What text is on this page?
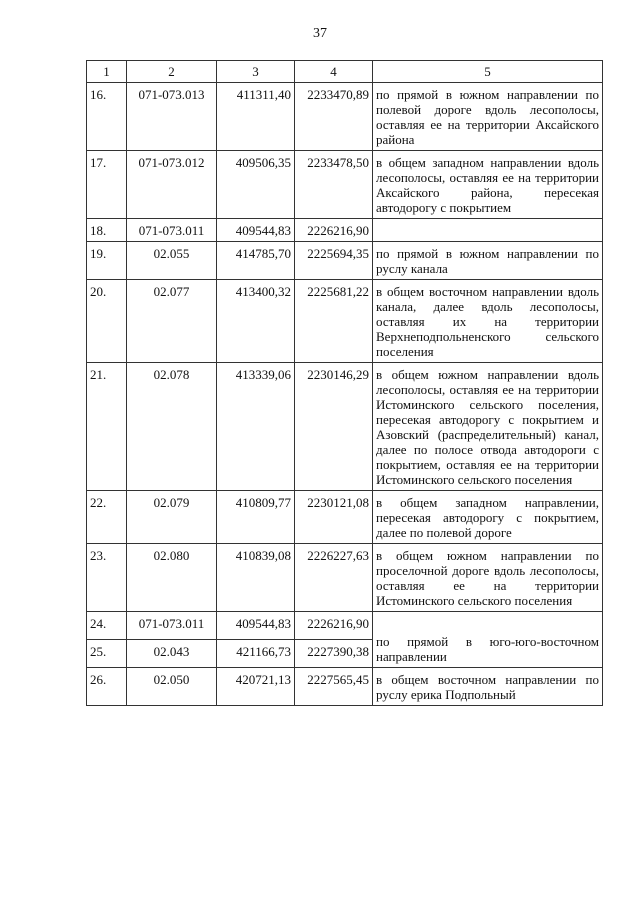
37
1	2	3	4	5
16.	071-073.013	411311,40	2233470,89	по прямой в южном направлении по полевой дороге вдоль лесополосы, оставляя ее на территории Аксайского района
17.	071-073.012	409506,35	2233478,50	в общем западном направлении вдоль лесополосы, оставляя ее на территории Аксайского района, пересекая автодорогу с покрытием
18.	071-073.011	409544,83	2226216,90	
19.	02.055	414785,70	2225694,35	по прямой в южном направлении по руслу канала
20.	02.077	413400,32	2225681,22	в общем восточном направлении вдоль канала, далее вдоль лесополосы, оставляя их на территории Верхнеподпольненского сельского поселения
21.	02.078	413339,06	2230146,29	в общем южном направлении вдоль лесополосы, оставляя ее на территории Истоминского сельского поселения, пересекая автодорогу с покрытием и Азовский (распределительный) канал, далее по полосе отвода автодороги с покрытием, оставляя ее на территории Истоминского сельского поселения
22.	02.079	410809,77	2230121,08	в общем западном направлении, пересекая автодорогу с покрытием, далее по полевой дороге
23.	02.080	410839,08	2226227,63	в общем южном направлении по проселочной дороге вдоль лесополосы, оставляя ее на территории Истоминского сельского поселения
24.	071-073.011	409544,83	2226216,90	по прямой в юго-юго-восточном направлении
25.	02.043	421166,73	2227390,38	
26.	02.050	420721,13	2227565,45	в общем восточном направлении по руслу ерика Подпольный
